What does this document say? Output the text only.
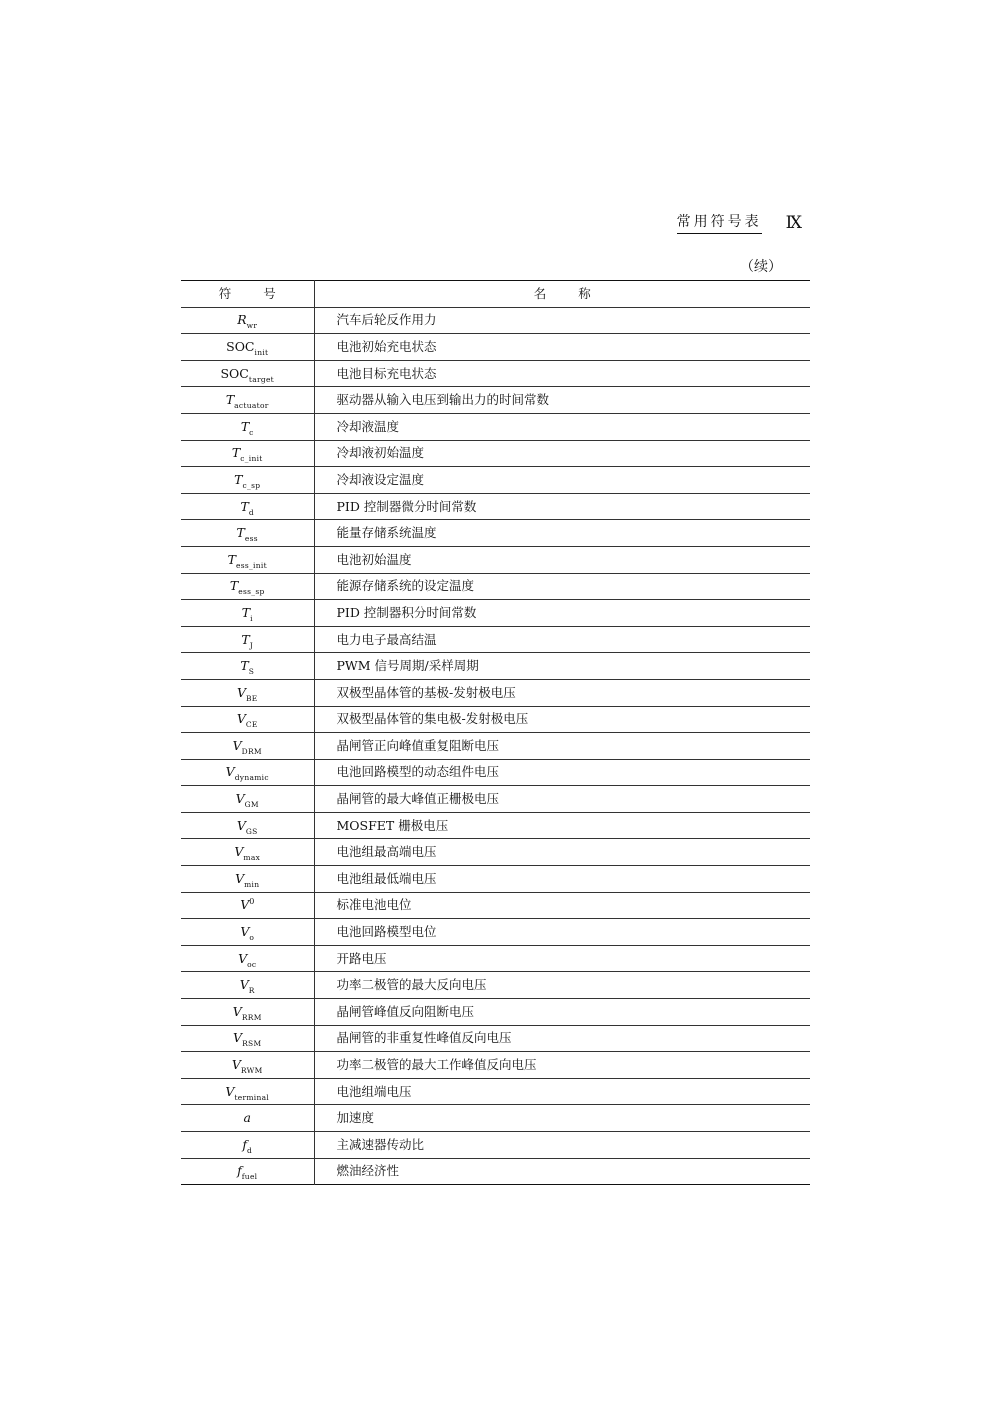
常用符号表 Ⅸ
（续）
符号	名称
$R_{wr}$	汽车后轮反作用力
$SOC_{init}$	电池初始充电状态
$SOC_{target}$	电池目标充电状态
$T_{actuator}$	驱动器从输入电压到输出力的时间常数
$T_c$	冷却液温度
$T_{c\_init}$	冷却液初始温度
$T_{c\_sp}$	冷却液设定温度
$T_d$	PID 控制器微分时间常数
$T_{ess}$	能量存储系统温度
$T_{ess\_init}$	电池初始温度
$T_{ess\_sp}$	能源存储系统的设定温度
$T_i$	PID 控制器积分时间常数
$T_J$	电力电子最高结温
$T_S$	PWM 信号周期/采样周期
$V_{BE}$	双极型晶体管的基极-发射极电压
$V_{CE}$	双极型晶体管的集电极-发射极电压
$V_{DRM}$	晶闸管正向峰值重复阻断电压
$V_{dynamic}$	电池回路模型的动态组件电压
$V_{GM}$	晶闸管的最大峰值正栅极电压
$V_{GS}$	MOSFET 栅极电压
$V_{max}$	电池组最高端电压
$V_{min}$	电池组最低端电压
$V^0$	标准电池电位
$V_o$	电池回路模型电位
$V_{oc}$	开路电压
$V_R$	功率二极管的最大反向电压
$V_{RRM}$	晶闸管峰值反向阻断电压
$V_{RSM}$	晶闸管的非重复性峰值反向电压
$V_{RWM}$	功率二极管的最大工作峰值反向电压
$V_{terminal}$	电池组端电压
a	加速度
$f_d$	主减速器传动比
$f_{fuel}$	燃油经济性
